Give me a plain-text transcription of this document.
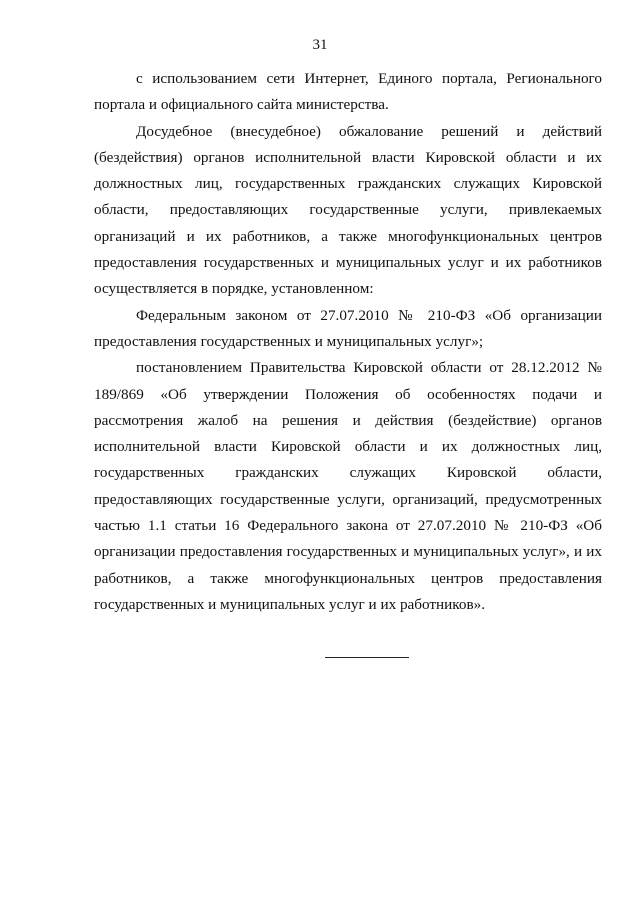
31

с использованием сети Интернет, Единого портала, Регионального портала и официального сайта министерства.

Досудебное (внесудебное) обжалование решений и действий (бездействия) органов исполнительной власти Кировской области и их должностных лиц, государственных гражданских служащих Кировской области, предоставляющих государственные услуги, привлекаемых организаций и их работников, а также многофункциональных центров предоставления государственных и муниципальных услуг и их работников осуществляется в порядке, установленном:

Федеральным законом от 27.07.2010 № 210-ФЗ «Об организации предоставления государственных и муниципальных услуг»;

постановлением Правительства Кировской области от 28.12.2012 № 189/869 «Об утверждении Положения об особенностях подачи и рассмотрения жалоб на решения и действия (бездействие) органов исполнительной власти Кировской области и их должностных лиц, государственных гражданских служащих Кировской области, предоставляющих государственные услуги, организаций, предусмотренных частью 1.1 статьи 16 Федерального закона от 27.07.2010 № 210-ФЗ «Об организации предоставления государственных и муниципальных услуг», и их работников, а также многофункциональных центров предоставления государственных и муниципальных услуг и их работников».
